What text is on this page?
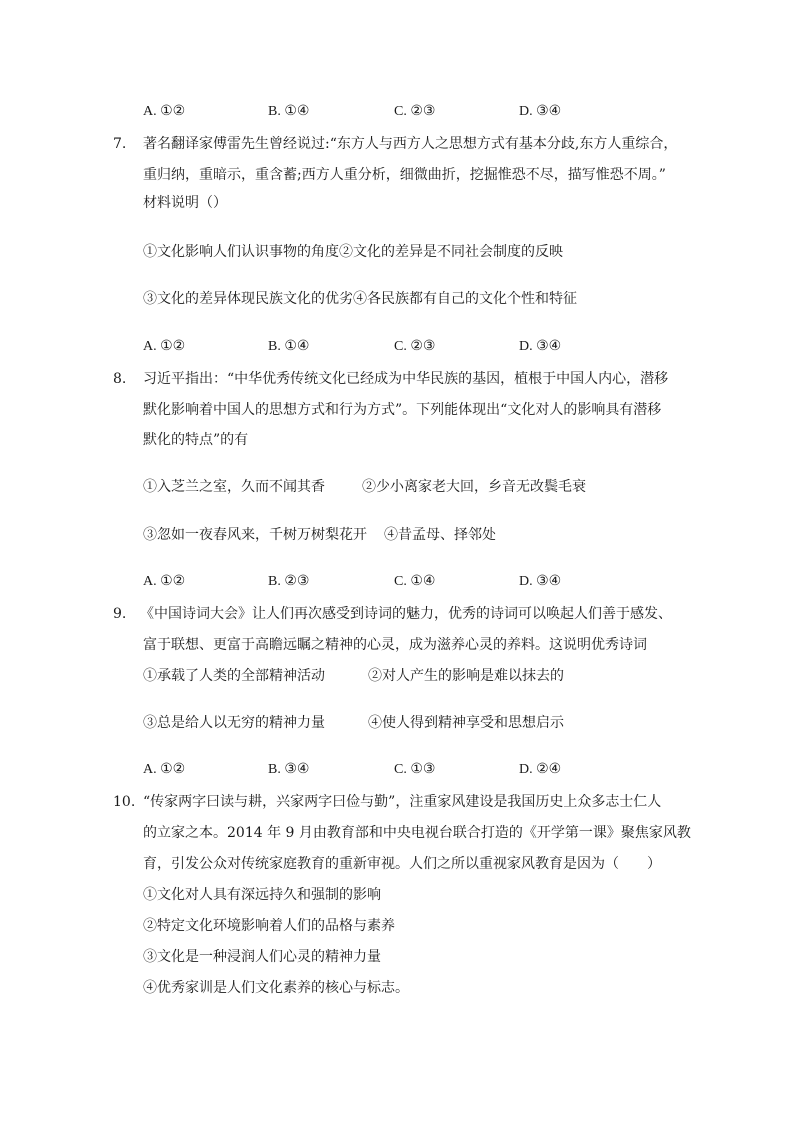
A. ①②	B. ①④	C. ②③	D. ③④
7. 著名翻译家傅雷先生曾经说过:“东方人与西方人之思想方式有基本分歧,东方人重综合，
重归纳，重暗示，重含蓄;西方人重分析，细微曲折，挖掘惟恐不尽，描写惟恐不周。”
材料说明（）
①文化影响人们认识事物的角度②文化的差异是不同社会制度的反映
③文化的差异体现民族文化的优劣④各民族都有自己的文化个性和特征
A. ①②	B. ①④	C. ②③	D. ③④
8. 习近平指出：“中华优秀传统文化已经成为中华民族的基因，植根于中国人内心，潜移
默化影响着中国人的思想方式和行为方式”。下列能体现出“文化对人的影响具有潜移
默化的特点”的有
①入芝兰之室，久而不闻其香	②少小离家老大回，乡音无改鬓毛衰
③忽如一夜春风来，千树万树梨花开 ④昔孟母、择邻处
A. ①②	B. ②③	C. ①④	D. ③④
9. 《中国诗词大会》让人们再次感受到诗词的魅力，优秀的诗词可以唤起人们善于感发、
富于联想、更富于高瞻远瞩之精神的心灵，成为滋养心灵的养料。这说明优秀诗词
①承载了人类的全部精神活动	②对人产生的影响是难以抹去的
③总是给人以无穷的精神力量	④使人得到精神享受和思想启示
A. ①②	B. ③④	C. ①③	D. ②④
10. “传家两字曰读与耕，兴家两字曰俭与勤”，注重家风建设是我国历史上众多志士仁人
的立家之本。2014 年 9 月由教育部和中央电视台联合打造的《开学第一课》聚焦家风教
育，引发公众对传统家庭教育的重新审视。人们之所以重视家风教育是因为（　　）
①文化对人具有深远持久和强制的影响
②特定文化环境影响着人们的品格与素养
③文化是一种浸润人们心灵的精神力量
④优秀家训是人们文化素养的核心与标志。
